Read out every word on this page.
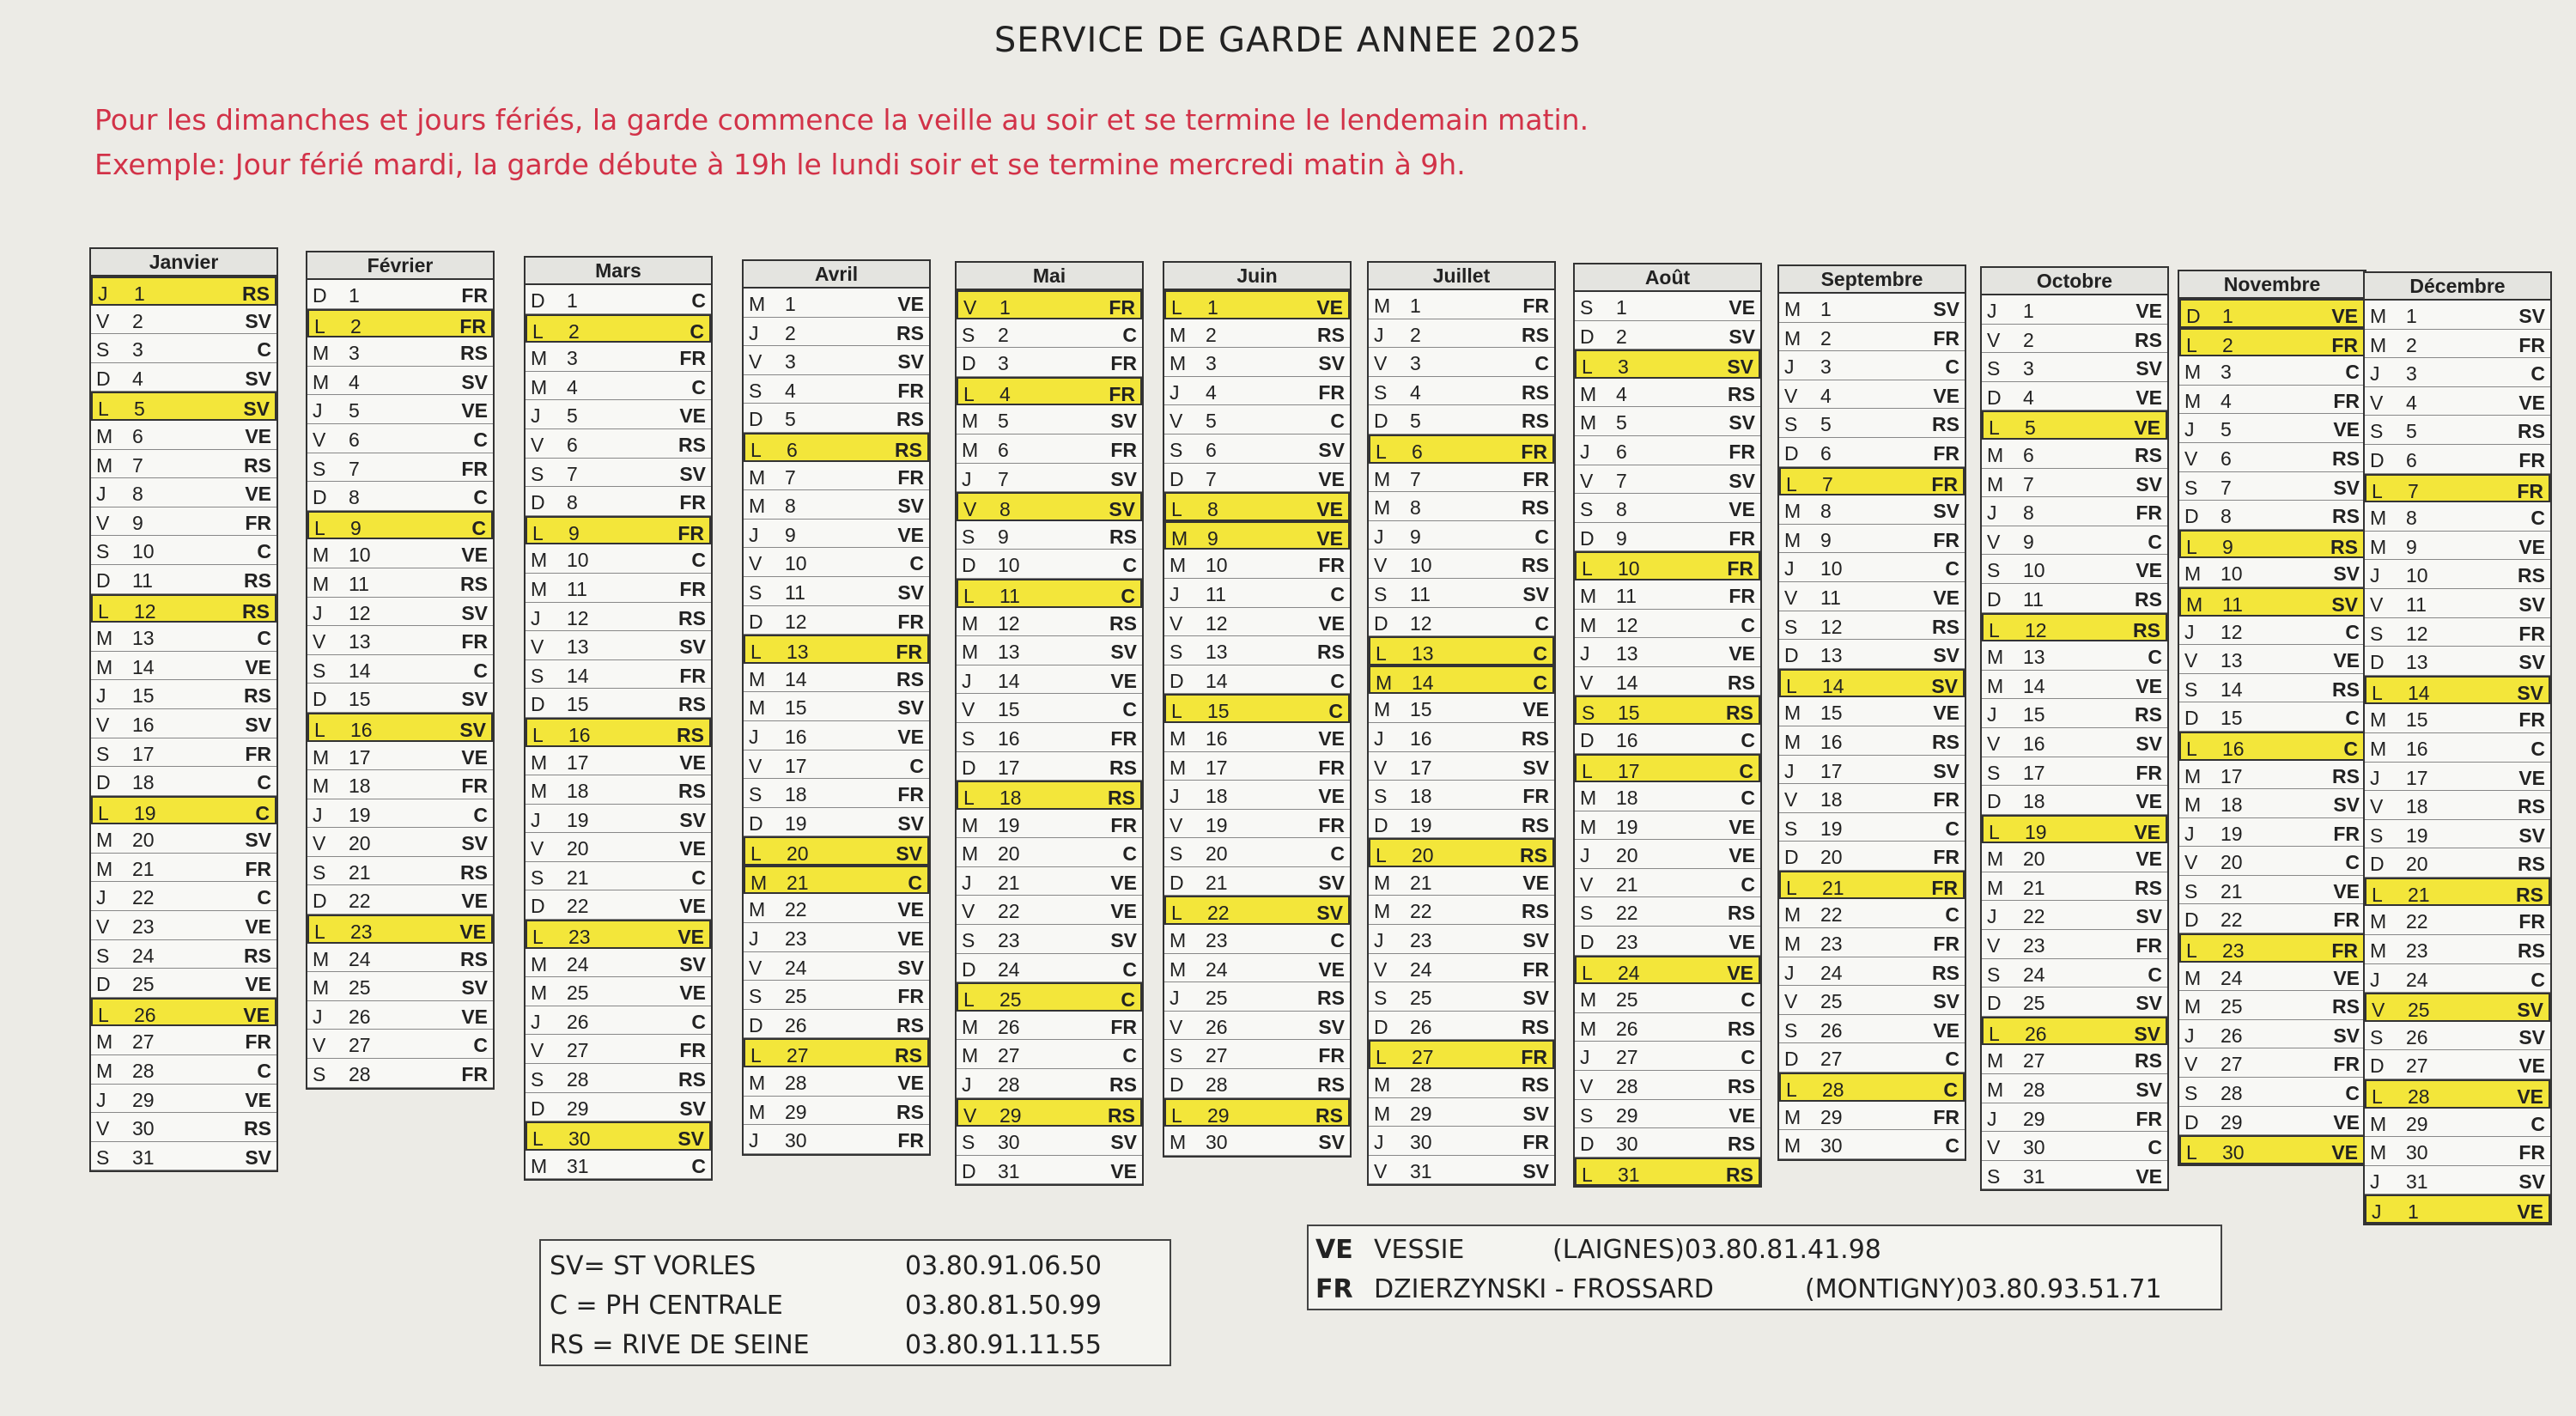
SERVICE DE GARDE ANNEE 2025
Pour les dimanches et jours fériés, la garde commence la veille au soir et se termine le lendemain matin.
Exemple: Jour férié mardi, la garde débute à 19h le lundi soir et se termine mercredi matin à 9h.
Janvier
J 1	RS
V 2	SV
S 3	C
D 4	SV
L 5	SV
M 6	VE
M 7	RS
J 8	VE
V 9	FR
S 10	C
D 11	RS
L 12	RS
M 13	C
M 14	VE
J 15	RS
V 16	SV
S 17	FR
D 18	C
L 19	C
M 20	SV
M 21	FR
J 22	C
V 23	VE
S 24	RS
D 25	VE
L 26	VE
M 27	FR
M 28	C
J 29	VE
V 30	RS
S 31	SV
Février
D 1	FR
L 2	FR
M 3	RS
M 4	SV
J 5	VE
V 6	C
S 7	FR
D 8	C
L 9	C
M 10	VE
M 11	RS
J 12	SV
V 13	FR
S 14	C
D 15	SV
L 16	SV
M 17	VE
M 18	FR
J 19	C
V 20	SV
S 21	RS
D 22	VE
L 23	VE
M 24	RS
M 25	SV
J 26	VE
V 27	C
S 28	FR
Mars
D 1	C
L 2	C
M 3	FR
M 4	C
J 5	VE
V 6	RS
S 7	SV
D 8	FR
L 9	FR
M 10	C
M 11	FR
J 12	RS
V 13	SV
S 14	FR
D 15	RS
L 16	RS
M 17	VE
M 18	RS
J 19	SV
V 20	VE
S 21	C
D 22	VE
L 23	VE
M 24	SV
M 25	VE
J 26	C
V 27	FR
S 28	RS
D 29	SV
L 30	SV
M 31	C
Avril
M 1	VE
J 2	RS
V 3	SV
S 4	FR
D 5	RS
L 6	RS
M 7	FR
M 8	SV
J 9	VE
V 10	C
S 11	SV
D 12	FR
L 13	FR
M 14	RS
M 15	SV
J 16	VE
V 17	C
S 18	FR
D 19	SV
L 20	SV
M 21	C
M 22	VE
J 23	VE
V 24	SV
S 25	FR
D 26	RS
L 27	RS
M 28	VE
M 29	RS
J 30	FR
Mai
V 1	FR
S 2	C
D 3	FR
L 4	FR
M 5	SV
M 6	FR
J 7	SV
V 8	SV
S 9	RS
D 10	C
L 11	C
M 12	RS
M 13	SV
J 14	VE
V 15	C
S 16	FR
D 17	RS
L 18	RS
M 19	FR
M 20	C
J 21	VE
V 22	VE
S 23	SV
D 24	C
L 25	C
M 26	FR
M 27	C
J 28	RS
V 29	RS
S 30	SV
D 31	VE
Juin
L 1	VE
M 2	RS
M 3	SV
J 4	FR
V 5	C
S 6	SV
D 7	VE
L 8	VE
M 9	VE
M 10	FR
J 11	C
V 12	VE
S 13	RS
D 14	C
L 15	C
M 16	VE
M 17	FR
J 18	VE
V 19	FR
S 20	C
D 21	SV
L 22	SV
M 23	C
M 24	VE
J 25	RS
V 26	SV
S 27	FR
D 28	RS
L 29	RS
M 30	SV
Juillet
M 1	FR
J 2	RS
V 3	C
S 4	RS
D 5	RS
L 6	FR
M 7	FR
M 8	RS
J 9	C
V 10	RS
S 11	SV
D 12	C
L 13	C
M 14	C
M 15	VE
J 16	RS
V 17	SV
S 18	FR
D 19	RS
L 20	RS
M 21	VE
M 22	RS
J 23	SV
V 24	FR
S 25	SV
D 26	RS
L 27	FR
M 28	RS
M 29	SV
J 30	FR
V 31	SV
Août
S 1	VE
D 2	SV
L 3	SV
M 4	RS
M 5	SV
J 6	FR
V 7	SV
S 8	VE
D 9	FR
L 10	FR
M 11	FR
M 12	C
J 13	VE
V 14	RS
S 15	RS
D 16	C
L 17	C
M 18	C
M 19	VE
J 20	VE
V 21	C
S 22	RS
D 23	VE
L 24	VE
M 25	C
M 26	RS
J 27	C
V 28	RS
S 29	VE
D 30	RS
L 31	RS
Septembre
M 1	SV
M 2	FR
J 3	C
V 4	VE
S 5	RS
D 6	FR
L 7	FR
M 8	SV
M 9	FR
J 10	C
V 11	VE
S 12	RS
D 13	SV
L 14	SV
M 15	VE
M 16	RS
J 17	SV
V 18	FR
S 19	C
D 20	FR
L 21	FR
M 22	C
M 23	FR
J 24	RS
V 25	SV
S 26	VE
D 27	C
L 28	C
M 29	FR
M 30	C
Octobre
J 1	VE
V 2	RS
S 3	SV
D 4	VE
L 5	VE
M 6	RS
M 7	SV
J 8	FR
V 9	C
S 10	VE
D 11	RS
L 12	RS
M 13	C
M 14	VE
J 15	RS
V 16	SV
S 17	FR
D 18	VE
L 19	VE
M 20	VE
M 21	RS
J 22	SV
V 23	FR
S 24	C
D 25	SV
L 26	SV
M 27	RS
M 28	SV
J 29	FR
V 30	C
S 31	VE
Novembre
D 1	VE
L 2	FR
M 3	C
M 4	FR
J 5	VE
V 6	RS
S 7	SV
D 8	RS
L 9	RS
M 10	SV
M 11	SV
J 12	C
V 13	VE
S 14	RS
D 15	C
L 16	C
M 17	RS
M 18	SV
J 19	FR
V 20	C
S 21	VE
D 22	FR
L 23	FR
M 24	VE
M 25	RS
J 26	SV
V 27	FR
S 28	C
D 29	VE
L 30	VE
Décembre
M 1	SV
M 2	FR
J 3	C
V 4	VE
S 5	RS
D 6	FR
L 7	FR
M 8	C
M 9	VE
J 10	RS
V 11	SV
S 12	FR
D 13	SV
L 14	SV
M 15	FR
M 16	C
J 17	VE
V 18	RS
S 19	SV
D 20	RS
L 21	RS
M 22	FR
M 23	RS
J 24	C
V 25	SV
S 26	SV
D 27	VE
L 28	VE
M 29	C
M 30	FR
J 31	SV
J 1	VE
SV= ST VORLES	03.80.91.06.50
C = PH CENTRALE	03.80.81.50.99
RS = RIVE DE SEINE	03.80.91.11.55
VE VESSIE	(LAIGNES)03.80.81.41.98
FR DZIERZYNSKI - FROSSARD	(MONTIGNY)03.80.93.51.71
